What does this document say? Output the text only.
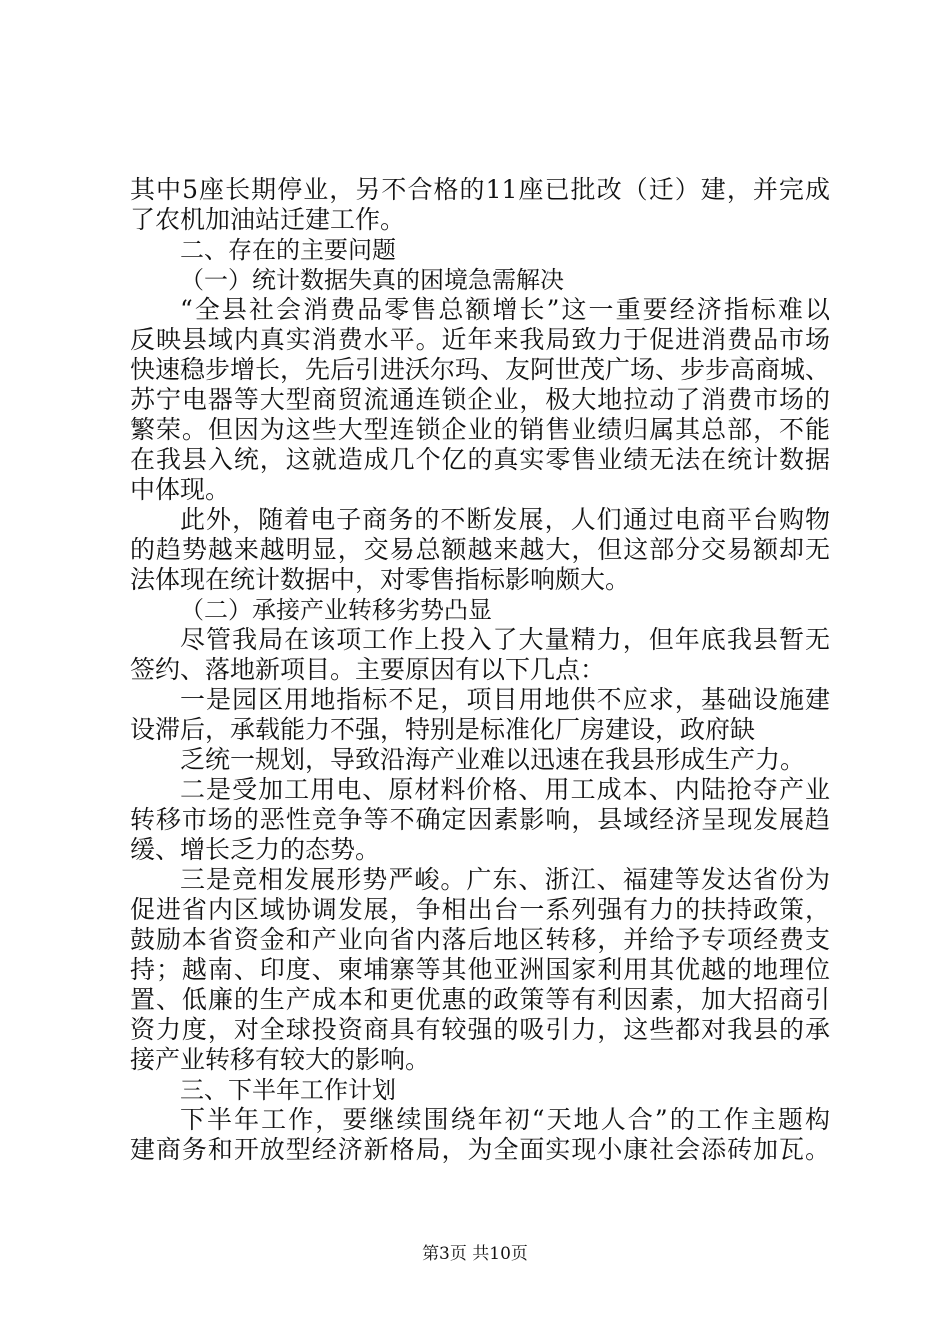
其中5座长期停业，另不合格的11座已批改（迁）建，并完成

了农机加油站迁建工作。

二、存在的主要问题

（一）统计数据失真的困境急需解决

“全县社会消费品零售总额增长”这一重要经济指标难以

反映县域内真实消费水平。近年来我局致力于促进消费品市场

快速稳步增长，先后引进沃尔玛、友阿世茂广场、步步高商城、

苏宁电器等大型商贸流通连锁企业，极大地拉动了消费市场的

繁荣。但因为这些大型连锁企业的销售业绩归属其总部，不能

在我县入统，这就造成几个亿的真实零售业绩无法在统计数据

中体现。

此外，随着电子商务的不断发展，人们通过电商平台购物

的趋势越来越明显，交易总额越来越大，但这部分交易额却无

法体现在统计数据中，对零售指标影响颇大。

（二）承接产业转移劣势凸显

尽管我局在该项工作上投入了大量精力，但年底我县暂无

签约、落地新项目。主要原因有以下几点：

一是园区用地指标不足，项目用地供不应求，基础设施建

设滞后，承载能力不强，特别是标准化厂房建设，政府缺

乏统一规划，导致沿海产业难以迅速在我县形成生产力。

二是受加工用电、原材料价格、用工成本、内陆抢夺产业

转移市场的恶性竞争等不确定因素影响，县域经济呈现发展趋

缓、增长乏力的态势。

三是竞相发展形势严峻。广东、浙江、福建等发达省份为

促进省内区域协调发展，争相出台一系列强有力的扶持政策，

鼓励本省资金和产业向省内落后地区转移，并给予专项经费支

持；越南、印度、柬埔寨等其他亚洲国家利用其优越的地理位

置、低廉的生产成本和更优惠的政策等有利因素，加大招商引

资力度，对全球投资商具有较强的吸引力，这些都对我县的承

接产业转移有较大的影响。

三、下半年工作计划

下半年工作，要继续围绕年初“天地人合”的工作主题构

建商务和开放型经济新格局，为全面实现小康社会添砖加瓦。

第3页 共10页
